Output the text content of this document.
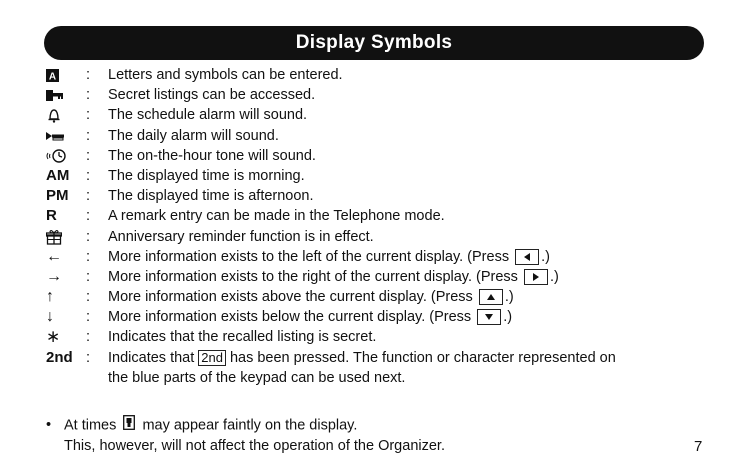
Display Symbols
A :	Letters and symbols can be entered.
:	Secret listings can be accessed.
:	The schedule alarm will sound.
:	The daily alarm will sound.
:	The on-the-hour tone will sound.
AM	:	The displayed time is morning.
PM	:	The displayed time is afternoon.
R	:	A remark entry can be made in the Telephone mode.
:	Anniversary reminder function is in effect.
←	:	More information exists to the left of the current display. (Press .)
→	:	More information exists to the right of the current display. (Press .)
↑	:	More information exists above the current display. (Press .)
↓	:	More information exists below the current display. (Press .)
∗	:	Indicates that the recalled listing is secret.
2nd :	Indicates that 2nd has been pressed. The function or character represented on
the blue parts of the keypad can be used next.
• At times may appear faintly on the display.
This, however, will not affect the operation of the Organizer.	7
